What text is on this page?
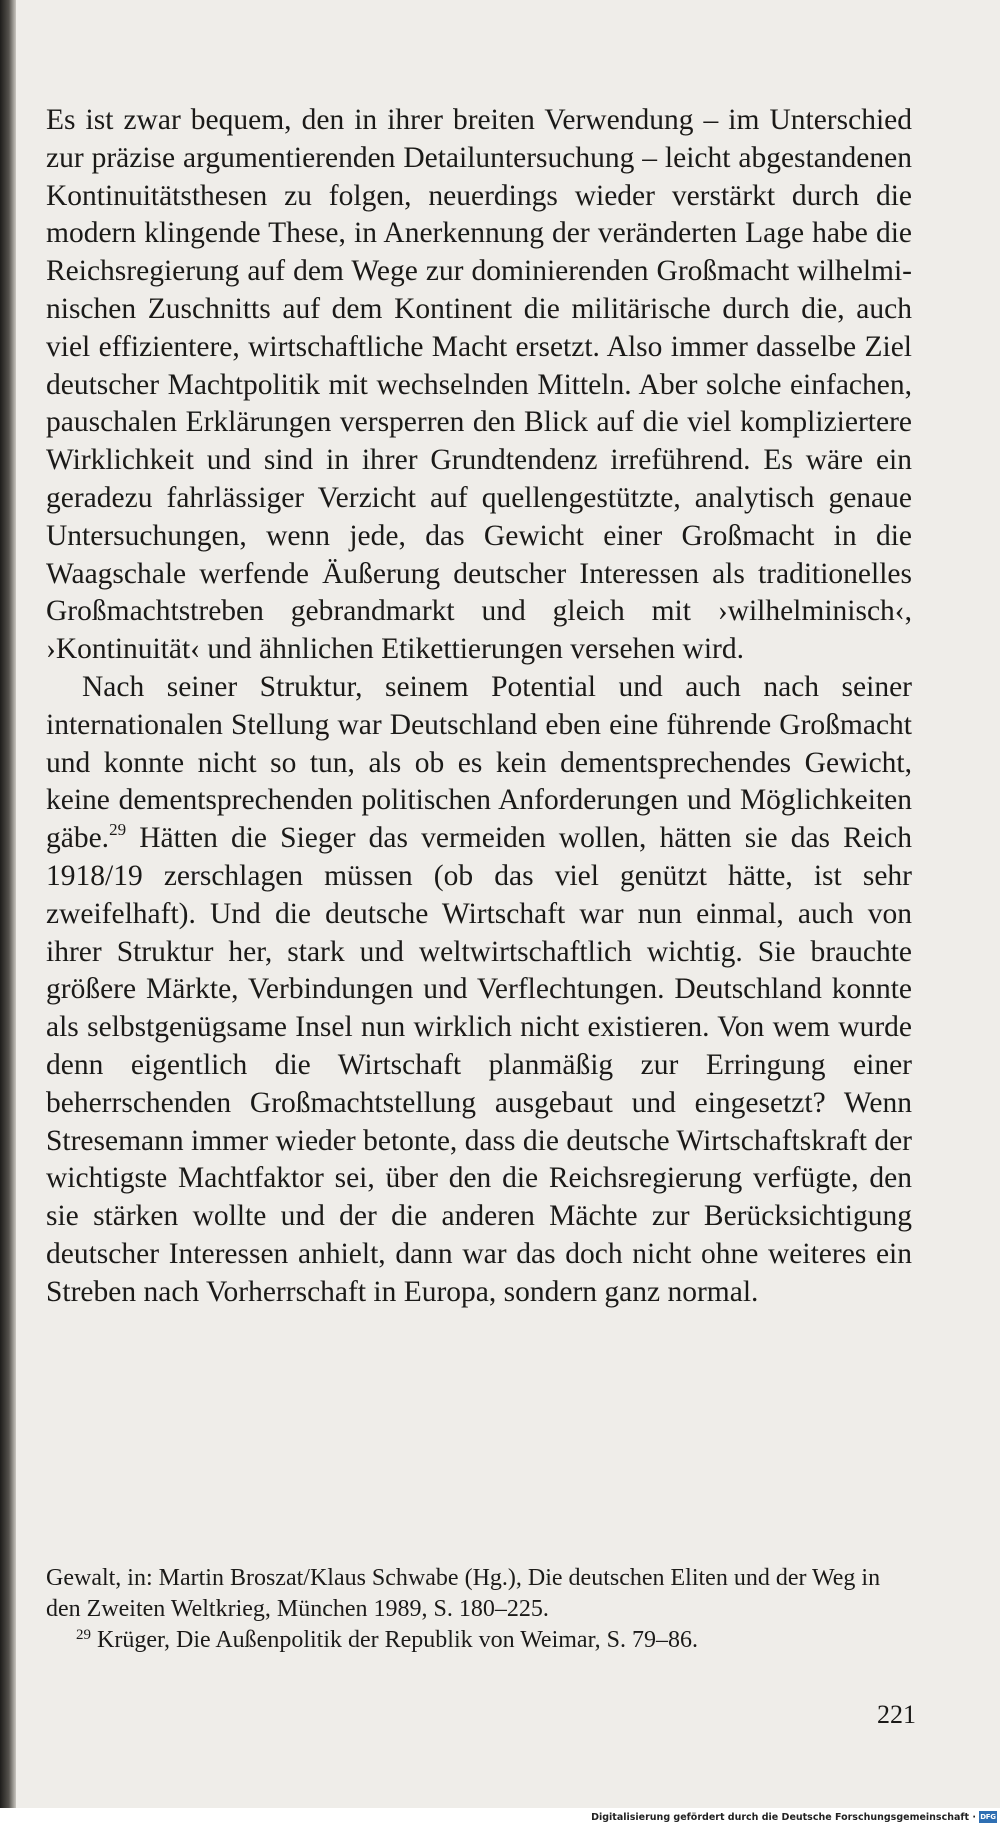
Es ist zwar bequem, den in ihrer breiten Verwendung – im Unterschied zur präzise argumentierenden Detailuntersuchung – leicht abgestandenen Kontinuitätsthesen zu folgen, neuerdings wieder verstärkt durch die modern klingende These, in Anerkennung der veränderten Lage habe die Reichsregierung auf dem Wege zur dominierenden Großmacht wilhelminischen Zuschnitts auf dem Kontinent die militärische durch die, auch viel effizientere, wirtschaftliche Macht ersetzt. Also immer dasselbe Ziel deutscher Machtpolitik mit wechselnden Mitteln. Aber solche einfachen, pauschalen Erklärungen versperren den Blick auf die viel kompliziertere Wirklichkeit und sind in ihrer Grundtendenz irreführend. Es wäre ein geradezu fahrlässiger Verzicht auf quellengestützte, analytisch genaue Untersuchungen, wenn jede, das Gewicht einer Großmacht in die Waagschale werfende Äußerung deutscher Interessen als traditionelles Großmachtstreben gebrandmarkt und gleich mit ›wilhelminisch‹, ›Kontinuität‹ und ähnlichen Etikettierungen versehen wird.

Nach seiner Struktur, seinem Potential und auch nach seiner internationalen Stellung war Deutschland eben eine führende Großmacht und konnte nicht so tun, als ob es kein dementsprechendes Gewicht, keine dementsprechenden politischen Anforderungen und Möglichkeiten gäbe.$^{29}$ Hätten die Sieger das vermeiden wollen, hätten sie das Reich 1918/19 zerschlagen müssen (ob das viel genützt hätte, ist sehr zweifelhaft). Und die deutsche Wirtschaft war nun einmal, auch von ihrer Struktur her, stark und weltwirtschaftlich wichtig. Sie brauchte größere Märkte, Verbindungen und Verflechtungen. Deutschland konnte als selbstgenügsame Insel nun wirklich nicht existieren. Von wem wurde denn eigentlich die Wirtschaft planmäßig zur Erringung einer beherrschenden Großmachtstellung ausgebaut und eingesetzt? Wenn Stresemann immer wieder betonte, dass die deutsche Wirtschaftskraft der wichtigste Machtfaktor sei, über den die Reichsregierung verfügte, den sie stärken wollte und der die anderen Mächte zur Berücksichtigung deutscher Interessen anhielt, dann war das doch nicht ohne weiteres ein Streben nach Vorherrschaft in Europa, sondern ganz normal.

Gewalt, in: Martin Broszat/Klaus Schwabe (Hg.), Die deutschen Eliten und der Weg in den Zweiten Weltkrieg, München 1989, S. 180–225.

$^{29}$ Krüger, Die Außenpolitik der Republik von Weimar, S. 79–86.

221
Digitalisierung gefördert durch die Deutsche Forschungsgemeinschaft · DFG
